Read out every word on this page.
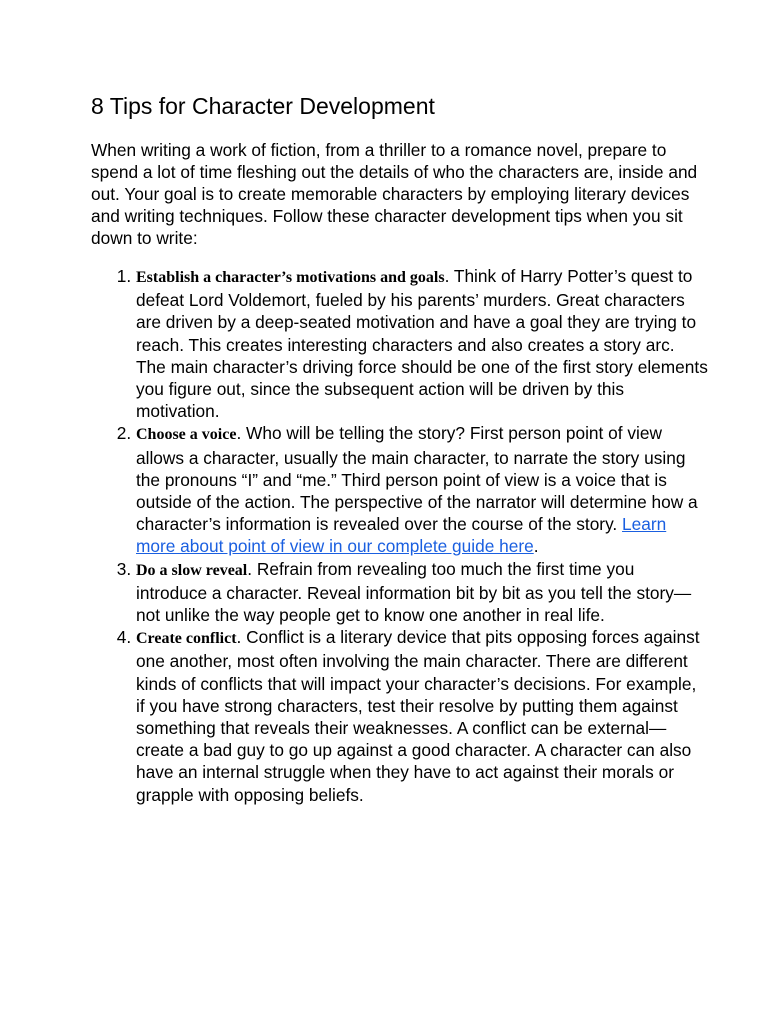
8 Tips for Character Development

When writing a work of fiction, from a thriller to a romance novel, prepare to spend a lot of time fleshing out the details of who the characters are, inside and out. Your goal is to create memorable characters by employing literary devices and writing techniques. Follow these character development tips when you sit down to write:

1. Establish a character’s motivations and goals. Think of Harry Potter’s quest to defeat Lord Voldemort, fueled by his parents’ murders. Great characters are driven by a deep-seated motivation and have a goal they are trying to reach. This creates interesting characters and also creates a story arc. The main character’s driving force should be one of the first story elements you figure out, since the subsequent action will be driven by this motivation.
2. Choose a voice. Who will be telling the story? First person point of view allows a character, usually the main character, to narrate the story using the pronouns “I” and “me.” Third person point of view is a voice that is outside of the action. The perspective of the narrator will determine how a character’s information is revealed over the course of the story. Learn more about point of view in our complete guide here.
3. Do a slow reveal. Refrain from revealing too much the first time you introduce a character. Reveal information bit by bit as you tell the story—not unlike the way people get to know one another in real life.
4. Create conflict. Conflict is a literary device that pits opposing forces against one another, most often involving the main character. There are different kinds of conflicts that will impact your character’s decisions. For example, if you have strong characters, test their resolve by putting them against something that reveals their weaknesses. A conflict can be external—create a bad guy to go up against a good character. A character can also have an internal struggle when they have to act against their morals or grapple with opposing beliefs.
